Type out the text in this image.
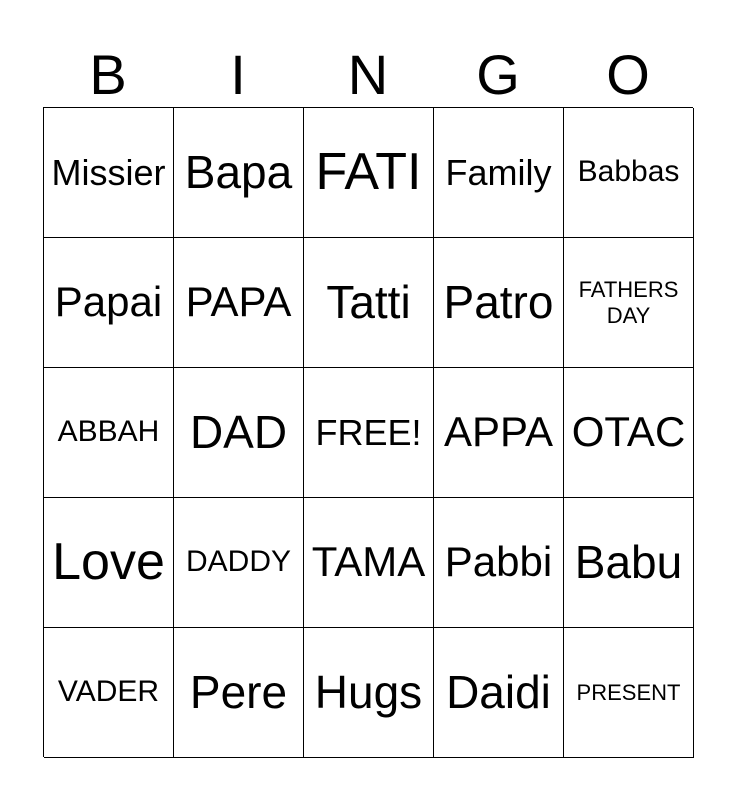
B	I	N	G	O
Missier Bapa FATI Family Babbas
Papai PAPA Tatti Patro FATHERS DAY
ABBAH DAD FREE! APPA OTAC
Love DADDY TAMA Pabbi Babu
VADER Pere Hugs Daidi PRESENT
